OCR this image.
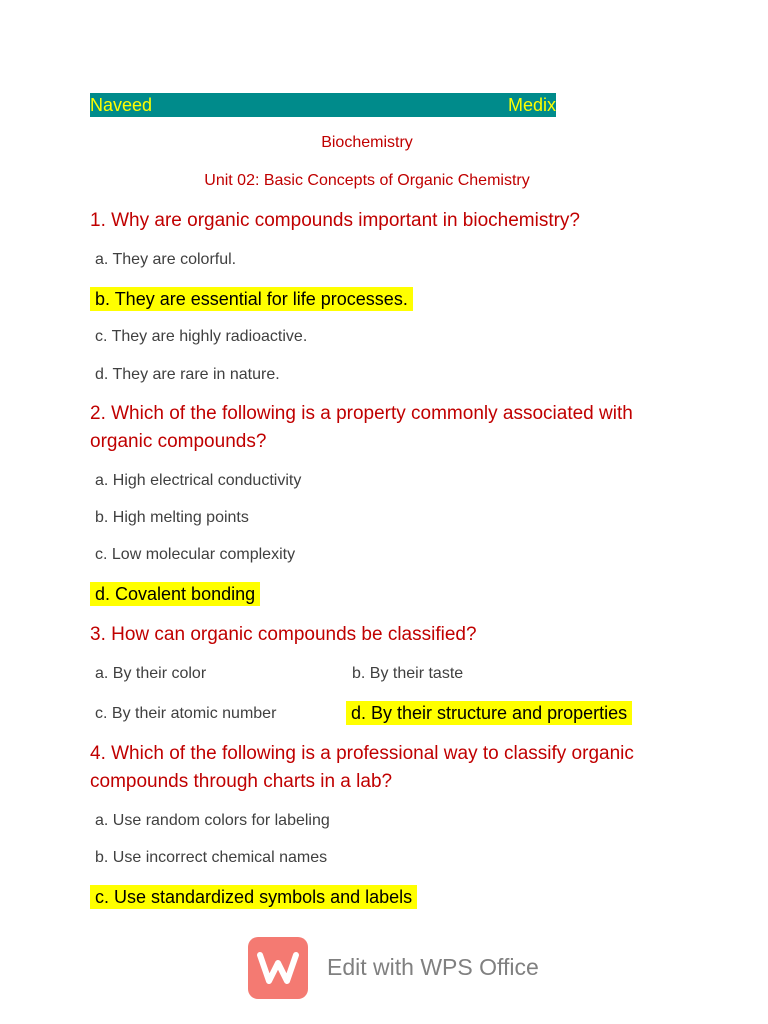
Naveed	Medix
Biochemistry
Unit 02: Basic Concepts of Organic Chemistry
1. Why are organic compounds important in biochemistry?
a. They are colorful.
b. They are essential for life processes.
c. They are highly radioactive.
d. They are rare in nature.
2. Which of the following is a property commonly associated with organic compounds?
a. High electrical conductivity
b. High melting points
c. Low molecular complexity
d. Covalent bonding
3. How can organic compounds be classified?
a. By their color	b. By their taste
c. By their atomic number	d. By their structure and properties
4. Which of the following is a professional way to classify organic compounds through charts in a lab?
a. Use random colors for labeling
b. Use incorrect chemical names
c. Use standardized symbols and labels
Edit with WPS Office
